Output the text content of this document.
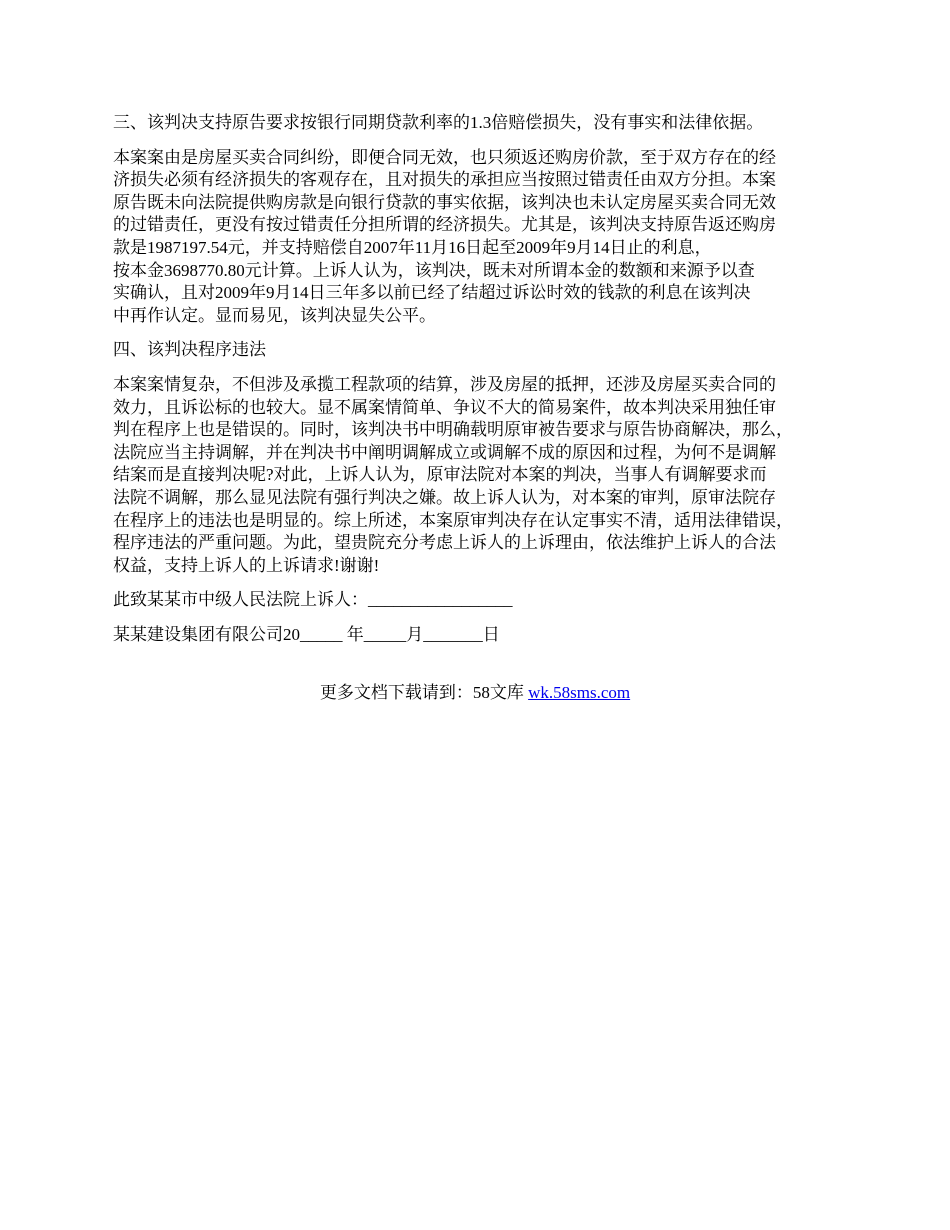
三、该判决支持原告要求按银行同期贷款利率的1.3倍赔偿损失，没有事实和法律依据。

本案案由是房屋买卖合同纠纷，即便合同无效，也只须返还购房价款，至于双方存在的经
济损失必须有经济损失的客观存在，且对损失的承担应当按照过错责任由双方分担。本案
原告既未向法院提供购房款是向银行贷款的事实依据，该判决也未认定房屋买卖合同无效
的过错责任，更没有按过错责任分担所谓的经济损失。尤其是，该判决支持原告返还购房
款是1987197.54元，并支持赔偿自2007年11月16日起至2009年9月14日止的利息，
按本金3698770.80元计算。上诉人认为，该判决，既未对所谓本金的数额和来源予以查
实确认，且对2009年9月14日三年多以前已经了结超过诉讼时效的钱款的利息在该判决
中再作认定。显而易见，该判决显失公平。

四、该判决程序违法

本案案情复杂，不但涉及承揽工程款项的结算，涉及房屋的抵押，还涉及房屋买卖合同的
效力，且诉讼标的也较大。显不属案情简单、争议不大的简易案件，故本判决采用独任审
判在程序上也是错误的。同时，该判决书中明确载明原审被告要求与原告协商解决，那么，
法院应当主持调解，并在判决书中阐明调解成立或调解不成的原因和过程，为何不是调解
结案而是直接判决呢?对此，上诉人认为，原审法院对本案的判决，当事人有调解要求而
法院不调解，那么显见法院有强行判决之嫌。故上诉人认为，对本案的审判，原审法院存
在程序上的违法也是明显的。综上所述，本案原审判决存在认定事实不清，适用法律错误，
程序违法的严重问题。为此，望贵院充分考虑上诉人的上诉理由，依法维护上诉人的合法
权益，支持上诉人的上诉请求!谢谢!

此致某某市中级人民法院上诉人：_________________

某某建设集团有限公司20_____ 年_____月_______日

更多文档下载请到：58文库 wk.58sms.com
